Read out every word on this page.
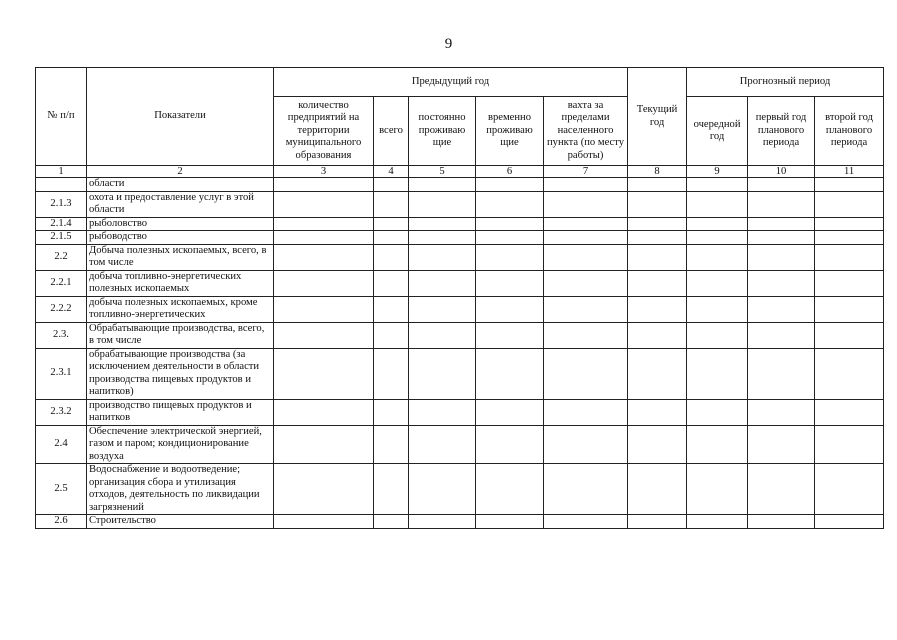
9
№ п/п	Показатели	Предыдущий год					Текущий год	Прогнозный период		
		количество предприятий на территории муниципального образования	всего	постоянно проживаю щие	временно проживаю щие	вахта за пределами населенного пункта (по месту работы)		очередной год	первый год планового периода	второй год планового периода
1	2	3	4	5	6	7	8	9	10	11
	области									
2.1.3	охота и предоставление услуг в этой области									
2.1.4	рыболовство									
2.1.5	рыбоводство									
2.2	Добыча полезных ископаемых, всего, в том числе									
2.2.1	добыча топливно-энергетических полезных ископаемых									
2.2.2	добыча полезных ископаемых, кроме топливно-энергетических									
2.3.	Обрабатывающие производства, всего, в том числе									
2.3.1	обрабатывающие производства (за исключением деятельности в области производства пищевых продуктов и напитков)									
2.3.2	производство пищевых продуктов и напитков									
2.4	Обеспечение электрической энергией, газом и паром; кондиционирование воздуха									
2.5	Водоснабжение и водоотведение; организация сбора и утилизация отходов, деятельность по ликвидации загрязнений									
2.6	Строительство									
